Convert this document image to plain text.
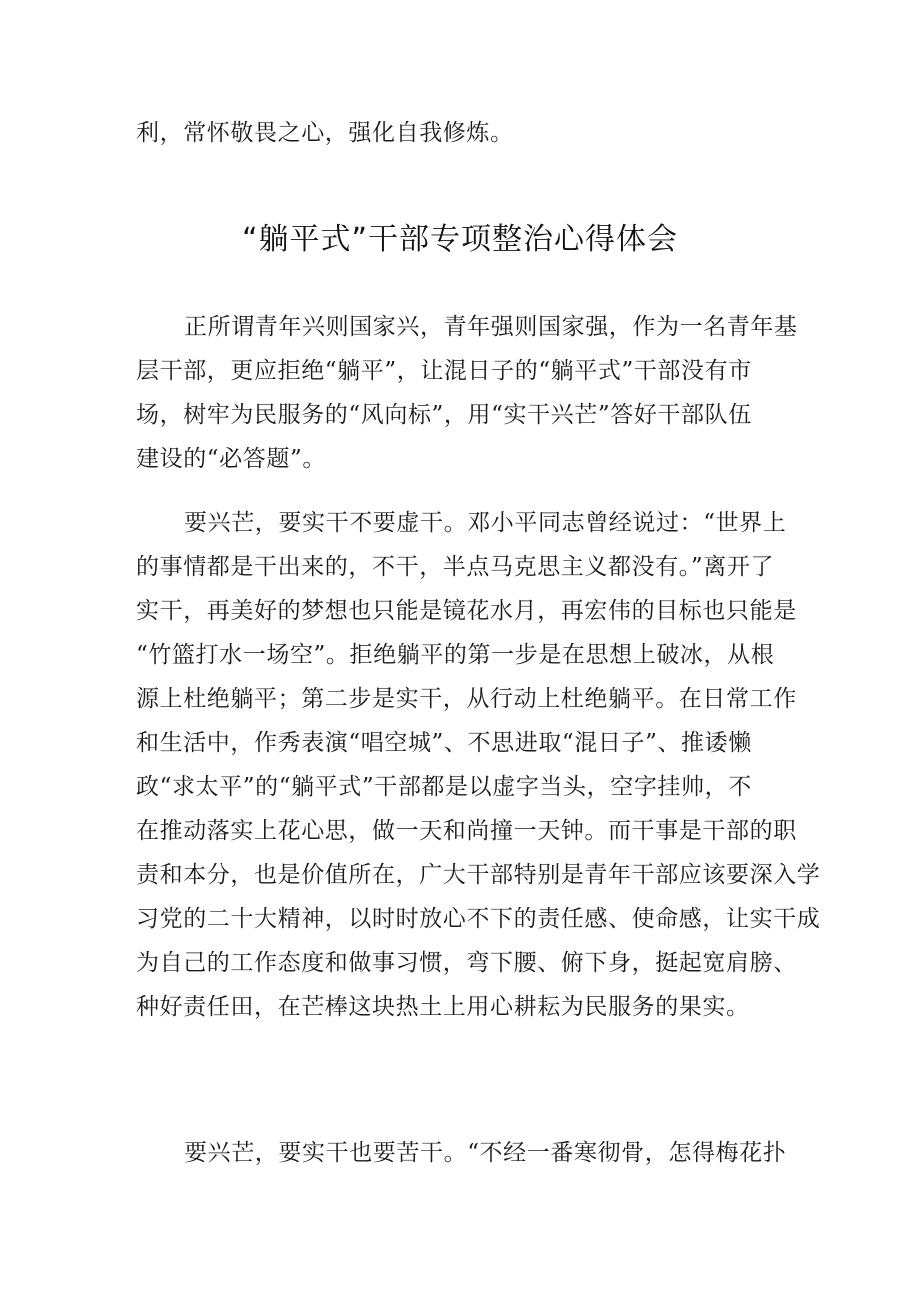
利，常怀敬畏之心，强化自我修炼。
“躺平式”干部专项整治心得体会
正所谓青年兴则国家兴，青年强则国家强，作为一名青年基
层干部，更应拒绝“躺平”，让混日子的“躺平式”干部没有市
场，树牢为民服务的“风向标”，用“实干兴芒”答好干部队伍
建设的“必答题”。
要兴芒，要实干不要虚干。邓小平同志曾经说过：“世界上
的事情都是干出来的，不干，半点马克思主义都没有。”离开了
实干，再美好的梦想也只能是镜花水月，再宏伟的目标也只能是
“竹篮打水一场空”。拒绝躺平的第一步是在思想上破冰，从根
源上杜绝躺平；第二步是实干，从行动上杜绝躺平。在日常工作
和生活中，作秀表演“唱空城”、不思进取“混日子”、推诿懒
政“求太平”的“躺平式”干部都是以虚字当头，空字挂帅，不
在推动落实上花心思，做一天和尚撞一天钟。而干事是干部的职
责和本分，也是价值所在，广大干部特别是青年干部应该要深入学
习党的二十大精神，以时时放心不下的责任感、使命感，让实干成
为自己的工作态度和做事习惯，弯下腰、俯下身，挺起宽肩膀、
种好责任田，在芒棒这块热土上用心耕耘为民服务的果实。
要兴芒，要实干也要苦干。“不经一番寒彻骨，怎得梅花扑
